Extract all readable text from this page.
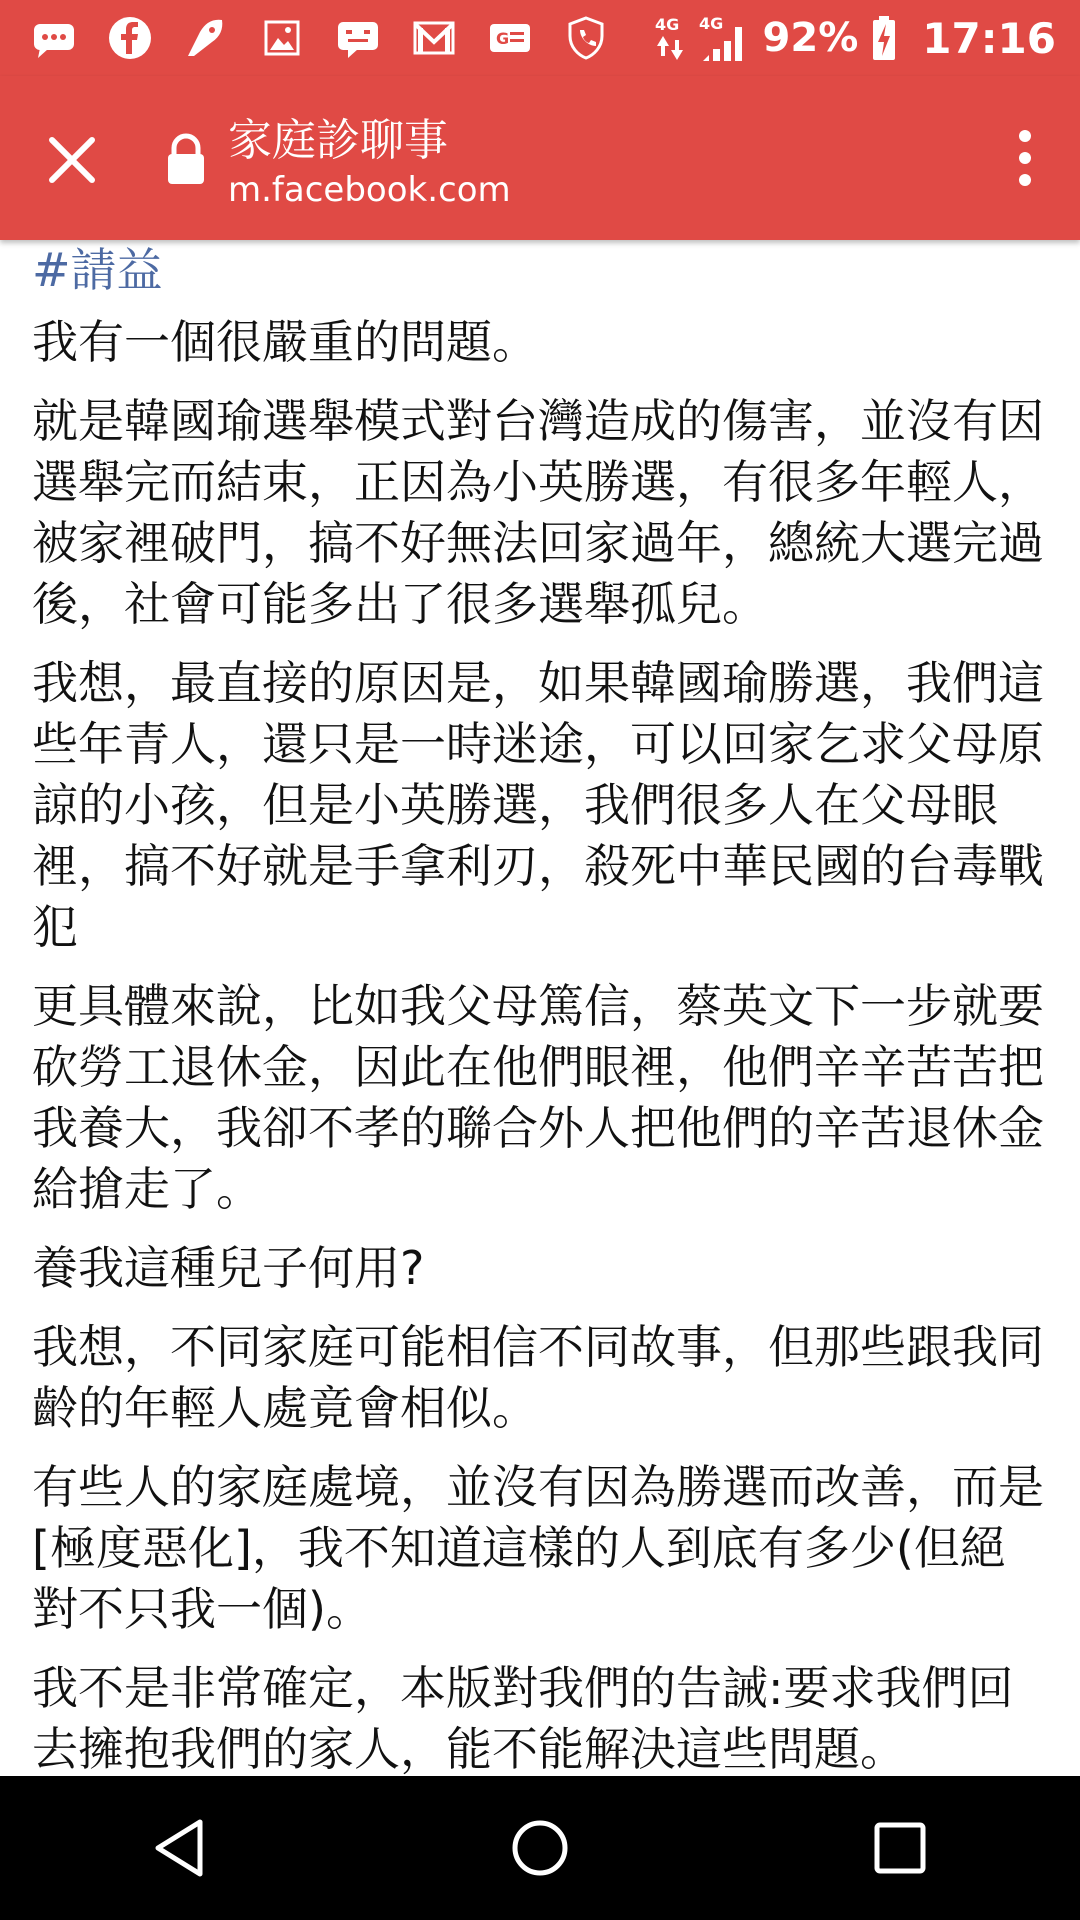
G
4G 4G 92% 17:16
家庭診聊事
m.facebook.com
#請益

我有一個很嚴重的問題。

就是韓國瑜選舉模式對台灣造成的傷害，並沒有因選舉完而結束，正因為小英勝選，有很多年輕人，被家裡破門，搞不好無法回家過年，總統大選完過後，社會可能多出了很多選舉孤兒。

我想，最直接的原因是，如果韓國瑜勝選，我們這些年青人，還只是一時迷途，可以回家乞求父母原諒的小孩，但是小英勝選，我們很多人在父母眼裡，搞不好就是手拿利刃，殺死中華民國的台毒戰犯

更具體來說，比如我父母篤信，蔡英文下一步就要砍勞工退休金，因此在他們眼裡，他們辛辛苦苦把我養大，我卻不孝的聯合外人把他們的辛苦退休金給搶走了。

養我這種兒子何用?

我想，不同家庭可能相信不同故事，但那些跟我同齡的年輕人處竟會相似。

有些人的家庭處境，並沒有因為勝選而改善，而是[極度惡化]，我不知道這樣的人到底有多少(但絕對不只我一個)。

我不是非常確定，本版對我們的告誡:要求我們回去擁抱我們的家人，能不能解決這些問題。
